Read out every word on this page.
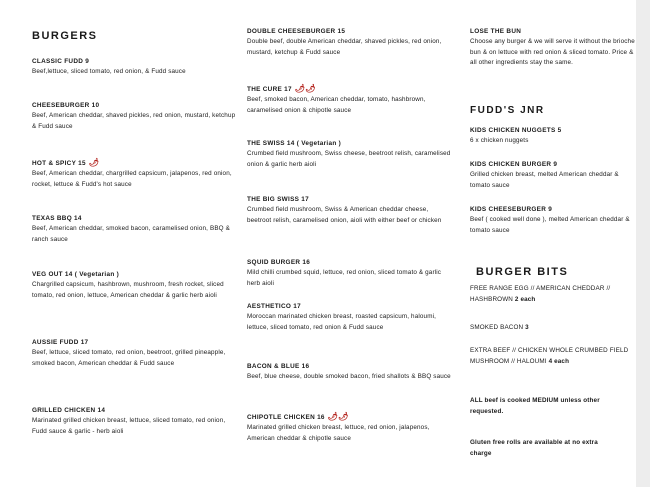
BURGERS
CLASSIC FUDD 9
Beef,lettuce, sliced tomato, red onion, & Fudd sauce
CHEESEBURGER 10
Beef, American cheddar, shaved pickles, red onion, mustard, ketchup & Fudd sauce
HOT & SPICY 15 🌶
Beef, American cheddar, chargrilled capsicum, jalapenos, red onion, rocket, lettuce & Fudd's hot sauce
TEXAS BBQ 14
Beef, American cheddar, smoked bacon, caramelised onion, BBQ & ranch sauce
VEG OUT 14 ( Vegetarian )
Chargrilled capsicum, hashbrown, mushroom, fresh rocket, sliced tomato, red onion, lettuce, American cheddar & garlic herb aioli
AUSSIE FUDD 17
Beef, lettuce, sliced tomato, red onion, beetroot, grilled pineapple, smoked bacon, American cheddar & Fudd sauce
GRILLED CHICKEN 14
Marinated grilled chicken breast, lettuce, sliced tomato, red onion, Fudd sauce & garlic - herb aioli
DOUBLE CHEESEBURGER 15
Double beef, double American cheddar, shaved pickles, red onion, mustard, ketchup & Fudd sauce
THE CURE 17 🌶🌶
Beef, smoked bacon, American cheddar, tomato, hashbrown, caramelised onion & chipotle sauce
THE SWISS 14 ( Vegetarian )
Crumbed field mushroom, Swiss cheese, beetroot relish, caramelised onion & garlic herb aioli
THE BIG SWISS 17
Crumbed field mushroom, Swiss & American cheddar cheese, beetroot relish, caramelised onion, aioli with either beef or chicken
SQUID BURGER 16
Mild chilli crumbed squid, lettuce, red onion, sliced tomato & garlic herb aioli
AESTHETICO 17
Moroccan marinated chicken breast, roasted capsicum, haloumi, lettuce, sliced tomato, red onion & Fudd sauce
BACON & BLUE 16
Beef, blue cheese, double smoked bacon, fried shallots & BBQ sauce
CHIPOTLE CHICKEN 16 🌶🌶
Marinated grilled chicken breast, lettuce, red onion, jalapenos, American cheddar & chipotle sauce
LOSE THE BUN
Choose any burger & we will serve it without the brioche bun & on lettuce with red onion & sliced tomato. Price & all other ingredients stay the same.
FUDD'S JNR
KIDS CHICKEN NUGGETS 5
6 x chicken nuggets
KIDS CHICKEN BURGER 9
Grilled chicken breast, melted American cheddar & tomato sauce
KIDS CHEESEBURGER 9
Beef ( cooked well done ), melted American cheddar & tomato sauce
BURGER BITS
FREE RANGE EGG // AMERICAN CHEDDAR // HASHBROWN 2 each
SMOKED BACON 3
EXTRA BEEF // CHICKEN WHOLE CRUMBED FIELD MUSHROOM // HALOUMI 4 each
ALL beef is cooked MEDIUM unless other requested.
Gluten free rolls are available at no extra charge
